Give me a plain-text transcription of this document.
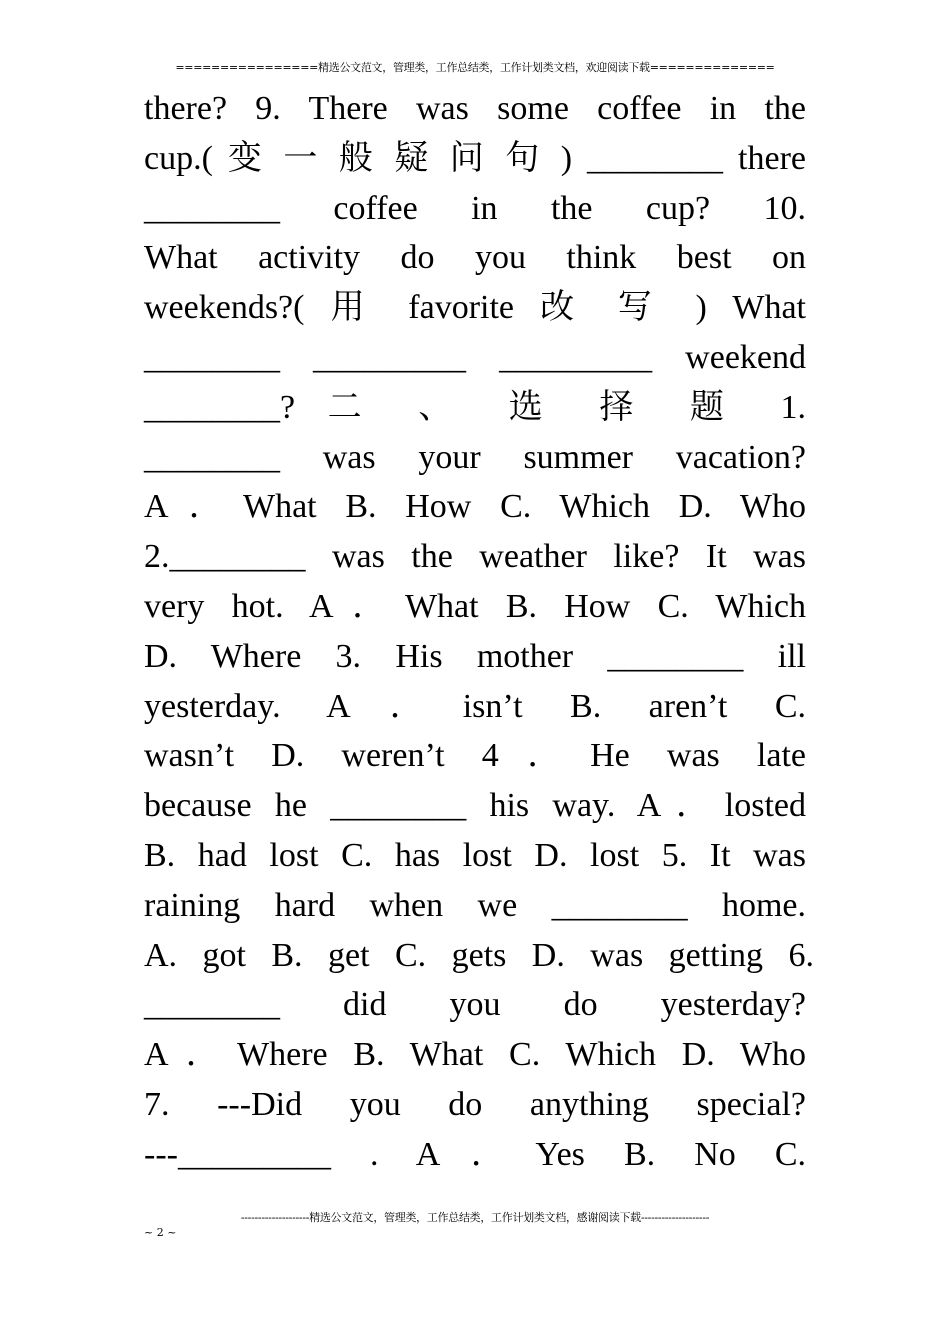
================精选公文范文，管理类，工作总结类，工作计划类文档，欢迎阅读下载==============
there? 9. There was some coffee in the
cup.( 变 一 般 疑 问 句 ) ________ there
________ coffee in the cup? 10.
What activity do you think best on
weekends?( 用 favorite 改 写 ) What
________ _________ _________ weekend
________? 二 、 选 择 题 1.
________ was your summer vacation?
A．What B. How C. Which D. Who
2.________ was the weather like? It was
very hot. A．What B. How C. Which
D. Where 3. His mother ________ ill
yesterday. A．isn’t B. aren’t C.
wasn’t D. weren’t 4．He was late
because he ________ his way. A．losted
B. had lost C. has lost D. lost 5. It was
raining hard when we ________ home.
A. got B. get C. gets D. was getting 6.
________ did you do yesterday?
A．Where B. What C. Which D. Who
7. ---Did you do anything special?
---_________ . A．Yes B. No C.
--------------------精选公文范文，管理类，工作总结类，工作计划类文档，感谢阅读下载--------------------
~ 2 ~
